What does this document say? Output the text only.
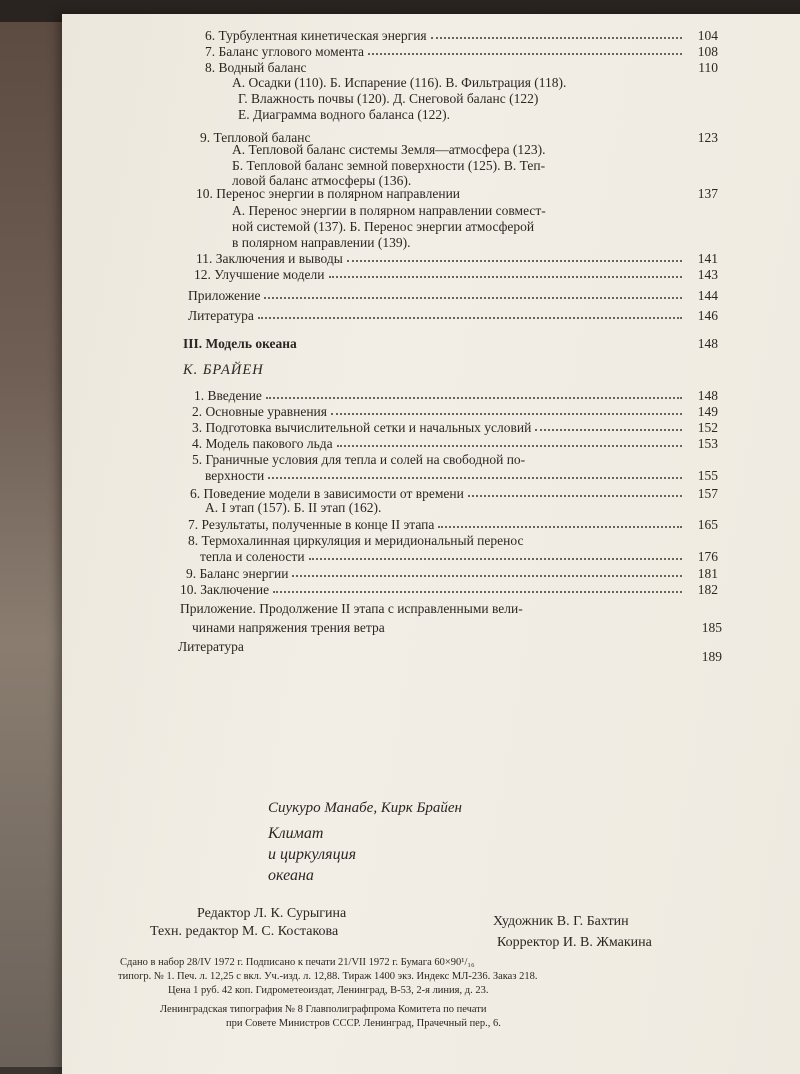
6. Турбулентная кинетическая энергия	104
7. Баланс углового момента	108
8. Водный баланс	110
А. Осадки (110). Б. Испарение (116). В. Фильтрация (118).
Г. Влажность почвы (120). Д. Снеговой баланс (122)
Е. Диаграмма водного баланса (122).
9. Тепловой баланс	123
А. Тепловой баланс системы Земля—атмосфера (123).
Б. Тепловой баланс земной поверхности (125). В. Теп-
ловой баланс атмосферы (136).
10. Перенос энергии в полярном направлении	137
А. Перенос энергии в полярном направлении совмест-
ной системой (137). Б. Перенос энергии атмосферой
в полярном направлении (139).
11. Заключения и выводы	141
12. Улучшение модели	143
Приложение	144
Литература	146
III. Модель океана	148
К. БРАЙЕН
1. Введение	148
2. Основные уравнения	149
3. Подготовка вычислительной сетки и начальных условий	152
4. Модель пакового льда	153
5. Граничные условия для тепла и солей на свободной по-
верхности	155
6. Поведение модели в зависимости от времени	157
А. I этап (157). Б. II этап (162).
7. Результаты, полученные в конце II этапа	165
8. Термохалинная циркуляция и меридиональный перенос
тепла и солености	176
9. Баланс энергии	181
10. Заключение	182
Приложение. Продолжение II этапа с исправленными вели-
чинами напряжения трения ветра	185
Литература
189
Сиукуро Манабе, Кирк Брайен
Климат
и циркуляция
океана
Редактор Л. К. Сурыгина
Техн. редактор М. С. Костакова
Художник В. Г. Бахтин
Корректор И. В. Жмакина
Сдано в набор 28/IV 1972 г. Подписано к печати 21/VII 1972 г. Бумага 60×90¹/₁₆
типогр. № 1. Печ. л. 12,25 с вкл. Уч.-изд. л. 12,88. Тираж 1400 экз. Индекс МЛ-236. Заказ 218.
Цена 1 руб. 42 коп. Гидрометеоиздат, Ленинград, В-53, 2-я линия, д. 23.
Ленинградская типография № 8 Главполиграфпрома Комитета по печати
при Совете Министров СССР. Ленинград, Прачечный пер., 6.
